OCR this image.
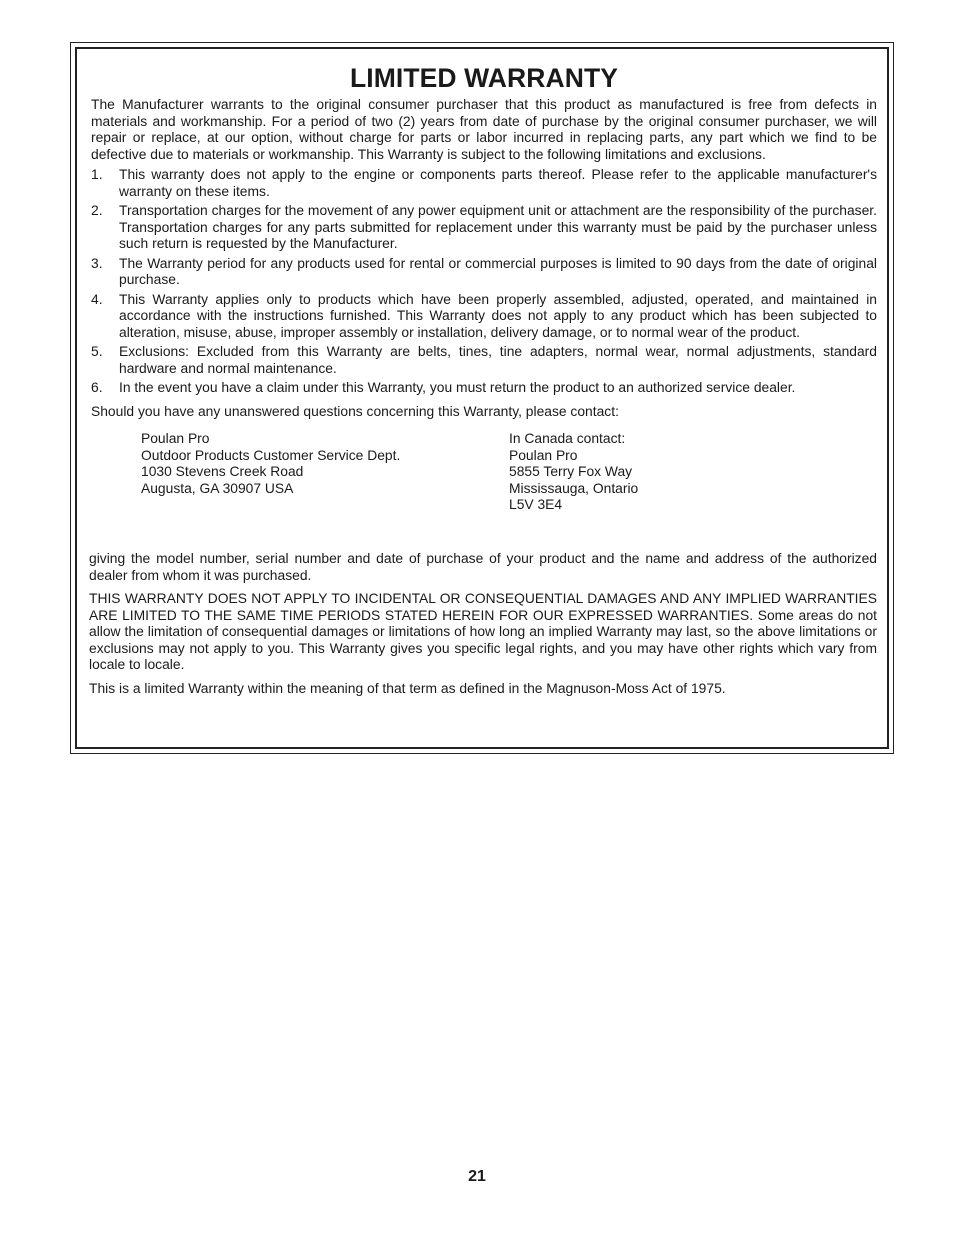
LIMITED WARRANTY

The Manufacturer warrants to the original consumer purchaser that this product as manufactured is free from defects in materials and workmanship. For a period of two (2) years from date of purchase by the original consumer purchaser, we will repair or replace, at our option, without charge for parts or labor incurred in replacing parts, any part which we find to be defective due to materials or workmanship. This Warranty is subject to the following limitations and exclusions.

1.	This warranty does not apply to the engine or components parts thereof. Please refer to the applicable manufacturer's warranty on these items.
2.	Transportation charges for the movement of any power equipment unit or attachment are the responsibility of the purchaser. Transportation charges for any parts submitted for replacement under this warranty must be paid by the purchaser unless such return is requested by the Manufacturer.
3.	The Warranty period for any products used for rental or commercial purposes is limited to 90 days from the date of original purchase.
4.	This Warranty applies only to products which have been properly assembled, adjusted, operated, and maintained in accordance with the instructions furnished. This Warranty does not apply to any product which has been subjected to alteration, misuse, abuse, improper assembly or installation, delivery damage, or to normal wear of the product.
5.	Exclusions: Excluded from this Warranty are belts, tines, tine adapters, normal wear, normal adjustments, standard hardware and normal maintenance.
6.	In the event you have a claim under this Warranty, you must return the product to an authorized service dealer.

Should you have any unanswered questions concerning this Warranty, please contact:

Poulan Pro
Outdoor Products Customer Service Dept.
1030 Stevens Creek Road
Augusta, GA 30907 USA
In Canada contact:
Poulan Pro
5855 Terry Fox Way
Mississauga, Ontario
L5V 3E4

giving the model number, serial number and date of purchase of your product and the name and address of the authorized dealer from whom it was purchased.

THIS WARRANTY DOES NOT APPLY TO INCIDENTAL OR CONSEQUENTIAL DAMAGES AND ANY IMPLIED WARRANTIES ARE LIMITED TO THE SAME TIME PERIODS STATED HEREIN FOR OUR EXPRESSED WARRANTIES. Some areas do not allow the limitation of consequential damages or limitations of how long an implied Warranty may last, so the above limitations or exclusions may not apply to you. This Warranty gives you specific legal rights, and you may have other rights which vary from locale to locale.

This is a limited Warranty within the meaning of that term as defined in the Magnuson-Moss Act of 1975.

21
